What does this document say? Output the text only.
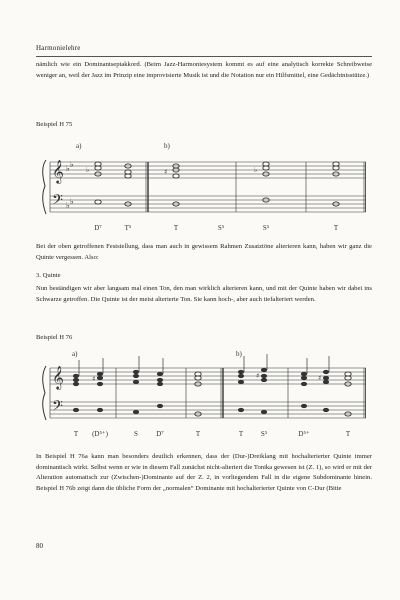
Harmonielehre

nämlich wie ein Dominantseptakkord. (Beim Jazz-Harmoniesystem kommt es auf eine analytisch korrekte Schreibweise weniger an, weil der Jazz im Prinzip eine improvisierte Musik ist und die Notation nur ein Hilfsmittel, eine Gedächtnisstütze.)

Beispiel H 75
𝄞
𝄢
♭ ♭
♭ ♭
♭	♯	♭
a)	b)
D⁷	T⁵	T	S⁵	S⁵	T

Bei der oben getroffenen Feststellung, dass man auch in gewissem Rahmen Zusatztöne alterieren kann, haben wir ganz die Quinte vergessen. Also:

3. Quinte

Nun beständigen wir aber langsam mal einen Ton, den man wirklich alterieren kann, und mit der Quinte haben wir dabei ins Schwarze getroffen. Die Quinte ist der meist alterierte Ton. Sie kann hoch-, aber auch tiefalteriert werden.

Beispiel H 76
𝄞
𝄢
♯	♯	♯
a)	b)
T (D⁵⁺)	S	D⁷	T	T	S⁵	D⁵⁺	T

In Beispiel H 76a kann man besonders deutlich erkennen, dass der (Dur-)Dreiklang mit hochalterierter Quinte immer dominantisch wirkt. Selbst wenn er wie in diesem Fall zunächst nicht-alteriert die Tonika gewesen ist (Z. 1), so wird er mit der Alteration automatisch zur (Zwischen-)Dominante auf der Z. 2, in vorliegendem Fall in die eigene Subdominante hinein. Beispiel H 76b zeigt dann die übliche Form der „normalen“ Dominante mit hochalterierter Quinte von C-Dur (Bitte

80
